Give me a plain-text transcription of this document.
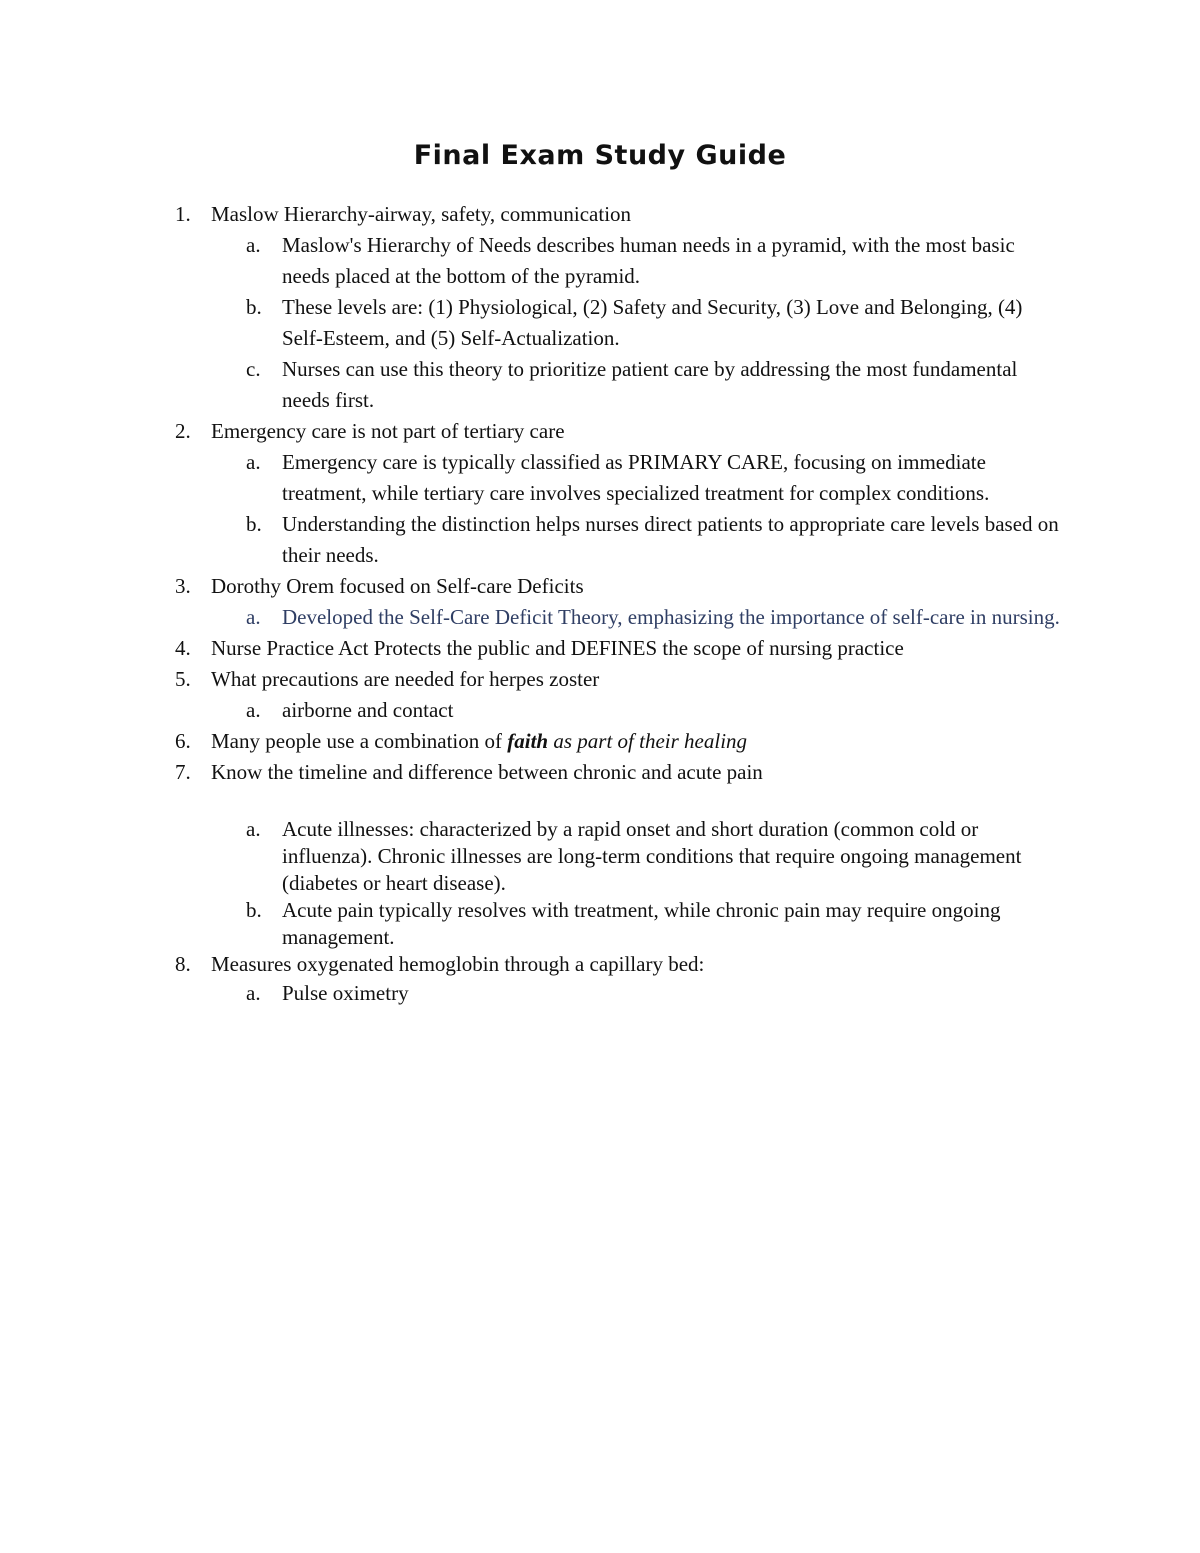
Final Exam Study Guide
1. Maslow Hierarchy-airway, safety, communication
a.	Maslow's Hierarchy of Needs describes human needs in a pyramid, with the most basic needs placed at the bottom of the pyramid.
b. These levels are: (1) Physiological, (2) Safety and Security, (3) Love and Belonging, (4) Self-Esteem, and (5) Self-Actualization.
c.	Nurses can use this theory to prioritize patient care by addressing the most fundamental needs first.
2. Emergency care is not part of tertiary care
a.	Emergency care is typically classified as PRIMARY CARE, focusing on immediate treatment, while tertiary care involves specialized treatment for complex conditions.
b. Understanding the distinction helps nurses direct patients to appropriate care levels based on their needs.
3. Dorothy Orem focused on Self-care Deficits
a.	Developed the Self-Care Deficit Theory, emphasizing the importance of self-care in nursing.
4. Nurse Practice Act Protects the public and DEFINES the scope of nursing practice
5. What precautions are needed for herpes zoster
a.	airborne and contact
6. Many people use a combination of faith as part of their healing
7. Know the timeline and difference between chronic and acute pain
a.	Acute illnesses: characterized by a rapid onset and short duration (common cold or influenza). Chronic illnesses are long-term conditions that require ongoing management (diabetes or heart disease).
b. Acute pain typically resolves with treatment, while chronic pain may require ongoing management.
8. Measures oxygenated hemoglobin through a capillary bed:
a.	Pulse oximetry
